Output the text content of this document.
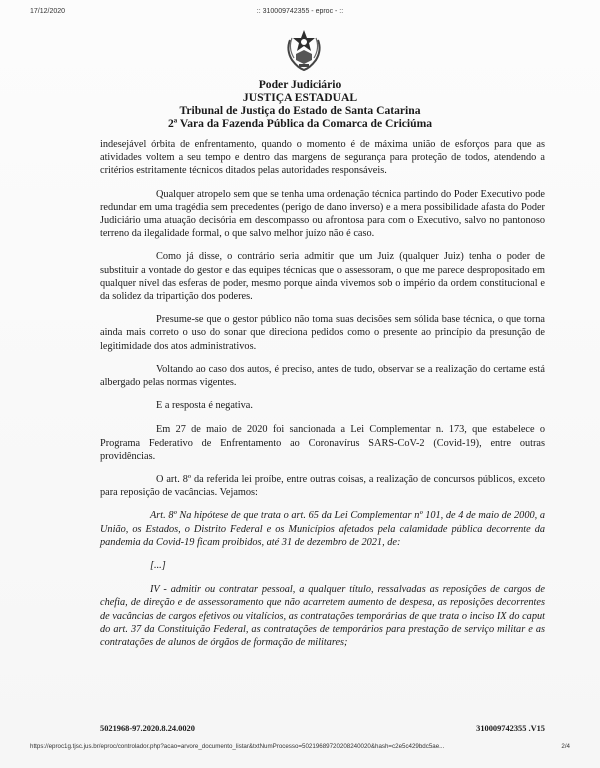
17/12/2020	:: 310009742355 - eproc - ::
Poder Judiciário
JUSTIÇA ESTADUAL
Tribunal de Justiça do Estado de Santa Catarina
2ª Vara da Fazenda Pública da Comarca de Criciúma

indesejável órbita de enfrentamento, quando o momento é de máxima união de esforços para que as atividades voltem a seu tempo e dentro das margens de segurança para proteção de todos, atendendo a critérios estritamente técnicos ditados pelas autoridades responsáveis.

Qualquer atropelo sem que se tenha uma ordenação técnica partindo do Poder Executivo pode redundar em uma tragédia sem precedentes (perigo de dano inverso) e a mera possibilidade afasta do Poder Judiciário uma atuação decisória em descompasso ou afrontosa para com o Executivo, salvo no pantonoso terreno da ilegalidade formal, o que salvo melhor juízo não é caso.

Como já disse, o contrário seria admitir que um Juiz (qualquer Juiz) tenha o poder de substituir a vontade do gestor e das equipes técnicas que o assessoram, o que me parece despropositado em qualquer nível das esferas de poder, mesmo porque ainda vivemos sob o império da ordem constitucional e da solidez da tripartição dos poderes.

Presume-se que o gestor público não toma suas decisões sem sólida base técnica, o que torna ainda mais correto o uso do sonar que direciona pedidos como o presente ao princípio da presunção de legitimidade dos atos administrativos.

Voltando ao caso dos autos, é preciso, antes de tudo, observar se a realização do certame está albergado pelas normas vigentes.

E a resposta é negativa.

Em 27 de maio de 2020 foi sancionada a Lei Complementar n. 173, que estabelece o Programa Federativo de Enfrentamento ao Coronavírus SARS-CoV-2 (Covid-19), entre outras providências.

O art. 8º da referida lei proíbe, entre outras coisas, a realização de concursos públicos, exceto para reposição de vacâncias. Vejamos:

Art. 8º Na hipótese de que trata o art. 65 da Lei Complementar nº 101, de 4 de maio de 2000, a União, os Estados, o Distrito Federal e os Municípios afetados pela calamidade pública decorrente da pandemia da Covid-19 ficam proibidos, até 31 de dezembro de 2021, de:

[...]

IV - admitir ou contratar pessoal, a qualquer título, ressalvadas as reposições de cargos de chefia, de direção e de assessoramento que não acarretem aumento de despesa, as reposições decorrentes de vacâncias de cargos efetivos ou vitalícios, as contratações temporárias de que trata o inciso IX do caput do art. 37 da Constituição Federal, as contratações de temporários para prestação de serviço militar e as contratações de alunos de órgãos de formação de militares;

5021968-97.2020.8.24.0020	310009742355 .V15
https://eproc1g.tjsc.jus.br/eproc/controlador.php?acao=arvore_documento_listar&txtNumProcesso=50219689720208240020&hash=c2e5c429bdc5ae...	2/4
